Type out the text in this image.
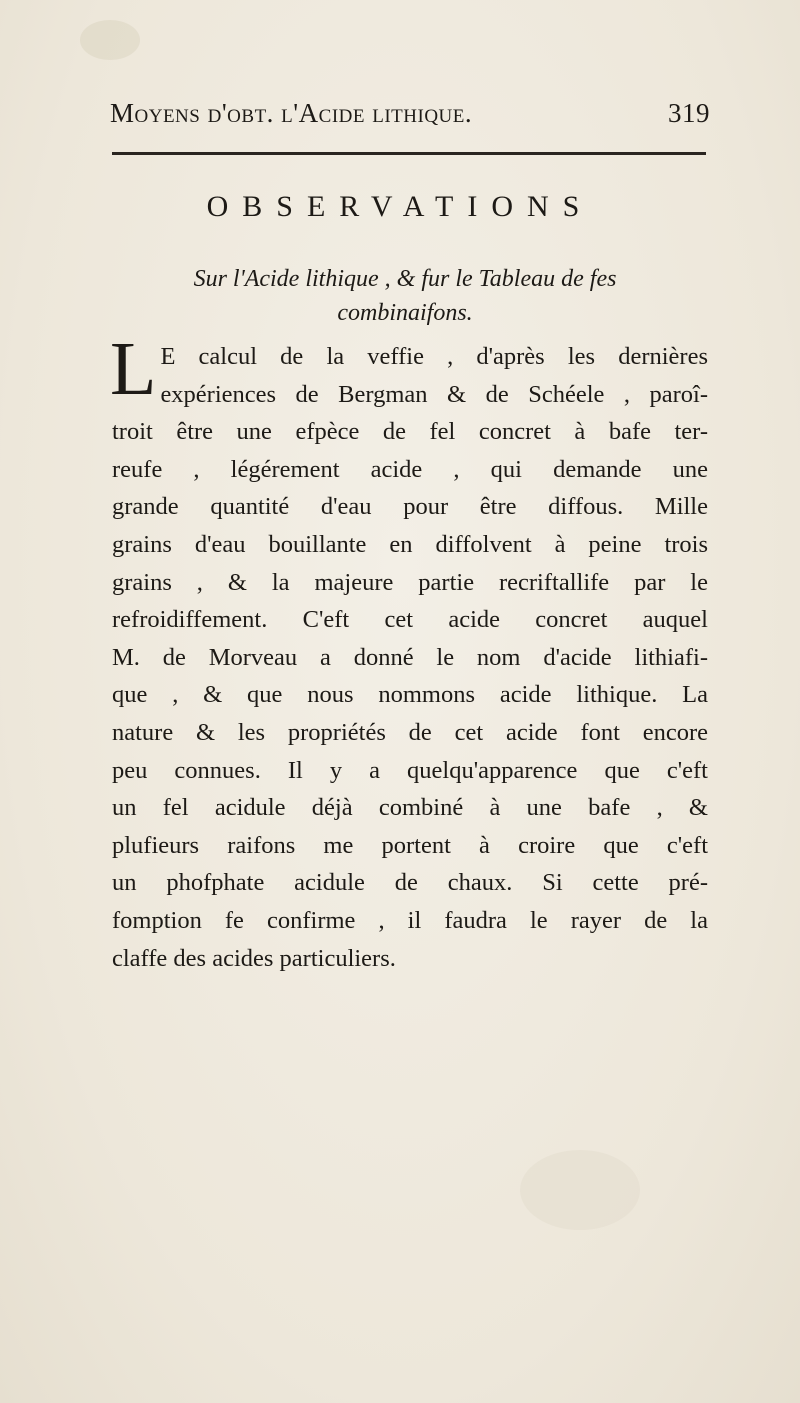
Moyens d'obt. l'Acide lithique.	319
OBSERVATIONS
Sur l'Acide lithique , & fur le Tableau de fes
combinaifons.
L E calcul de la veffie , d'après les dernières
expériences de Bergman & de Schéele , paroî-
troit être une efpèce de fel concret à bafe ter-
reufe , légérement acide , qui demande une
grande quantité d'eau pour être diffous. Mille
grains d'eau bouillante en diffolvent à peine trois
grains , & la majeure partie recriftallife par le
refroidiffement. C'eft cet acide concret auquel
M. de Morveau a donné le nom d'acide lithiafi-
que , & que nous nommons acide lithique. La
nature & les propriétés de cet acide font encore
peu connues. Il y a quelqu'apparence que c'eft
un fel acidule déjà combiné à une bafe , &
plufieurs raifons me portent à croire que c'eft
un phofphate acidule de chaux. Si cette pré-
fomption fe confirme , il faudra le rayer de la
claffe des acides particuliers.
